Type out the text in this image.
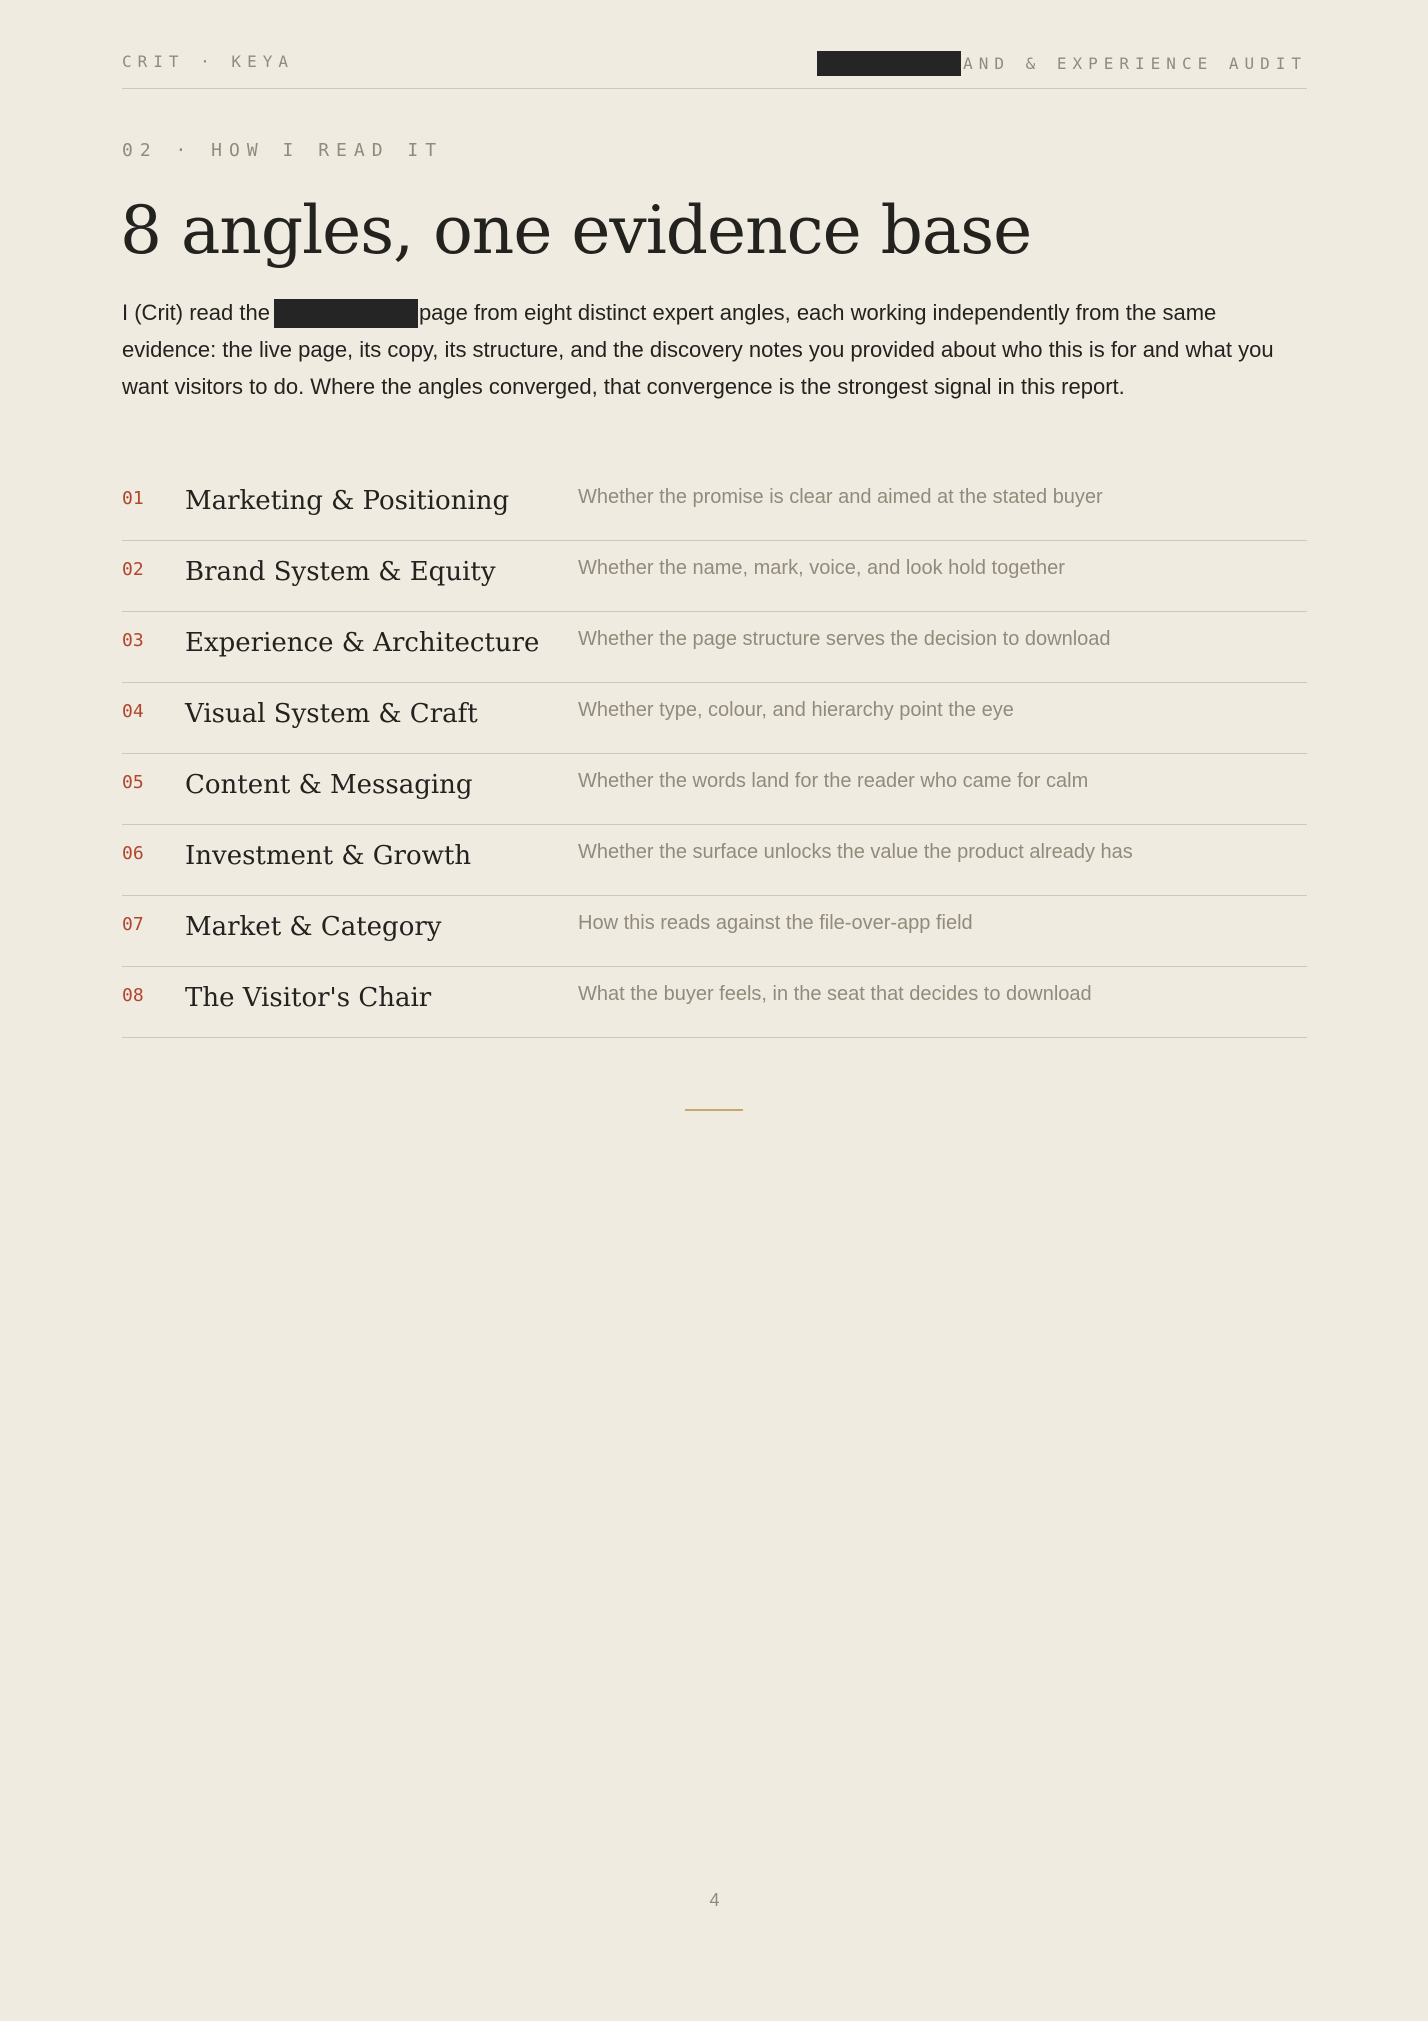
CRIT · KEYA	AND & EXPERIENCE AUDIT
02 · HOW I READ IT
8 angles, one evidence base

I (Crit) read the	page from eight distinct expert angles, each working independently from the same evidence: the live page, its copy, its structure, and the discovery notes you provided about who this is for and what you want visitors to do. Where the angles converged, that convergence is the strongest signal in this report.

01 Marketing & Positioning	Whether the promise is clear and aimed at the stated buyer
02 Brand System & Equity	Whether the name, mark, voice, and look hold together
03 Experience & Architecture Whether the page structure serves the decision to download
04 Visual System & Craft	Whether type, colour, and hierarchy point the eye
05 Content & Messaging	Whether the words land for the reader who came for calm
06 Investment & Growth	Whether the surface unlocks the value the product already has
07 Market & Category	How this reads against the file-over-app field
08 The Visitor's Chair	What the buyer feels, in the seat that decides to download
4
